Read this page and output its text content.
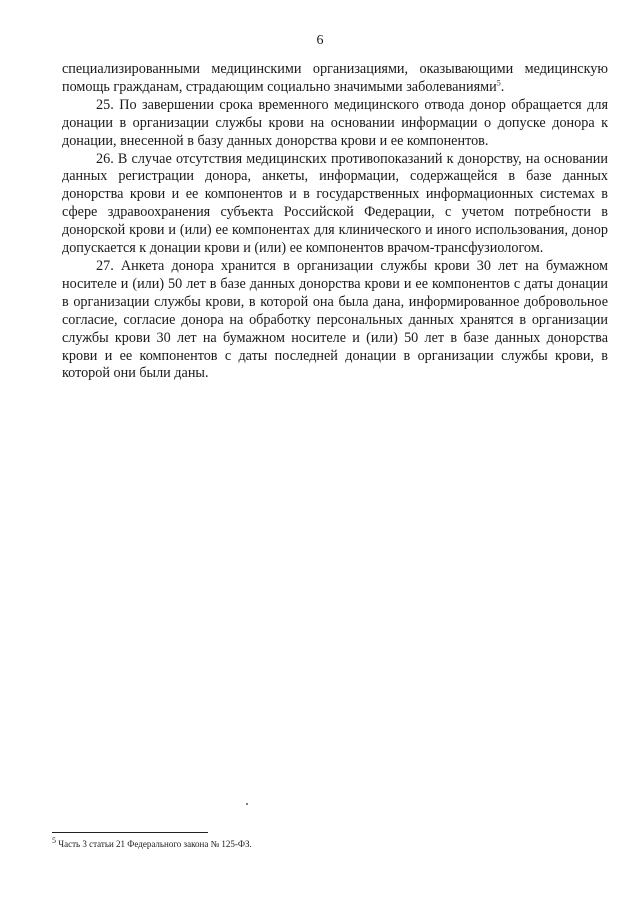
6

специализированными медицинскими организациями, оказывающими медицинскую помощь гражданам, страдающим социально значимыми заболеваниями$^5$.

25. По завершении срока временного медицинского отвода донор обращается для донации в организации службы крови на основании информации о допуске донора к донации, внесенной в базу данных донорства крови и ее компонентов.

26. В случае отсутствия медицинских противопоказаний к донорству, на основании данных регистрации донора, анкеты, информации, содержащейся в базе данных донорства крови и ее компонентов и в государственных информационных системах в сфере здравоохранения субъекта Российской Федерации, с учетом потребности в донорской крови и (или) ее компонентах для клинического и иного использования, донор допускается к донации крови и (или) ее компонентов врачом-трансфузиологом.

27. Анкета донора хранится в организации службы крови 30 лет на бумажном носителе и (или) 50 лет в базе данных донорства крови и ее компонентов с даты донации в организации службы крови, в которой она была дана, информированное добровольное согласие, согласие донора на обработку персональных данных хранятся в организации службы крови 30 лет на бумажном носителе и (или) 50 лет в базе данных донорства крови и ее компонентов с даты последней донации в организации службы крови, в которой они были даны.

$^5$ Часть 3 статьи 21 Федерального закона № 125-ФЗ.
